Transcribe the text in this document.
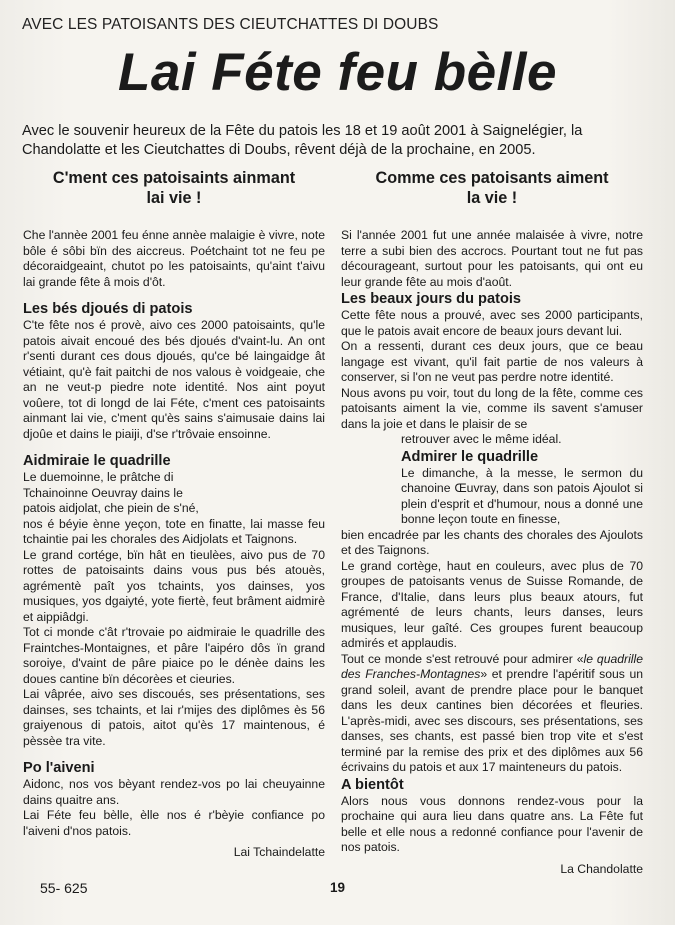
AVEC LES PATOISANTS DES CIEUTCHATTES DI DOUBS
Lai Féte feu bèlle

Avec le souvenir heureux de la Fête du patois les 18 et 19 août 2001 à Saignelégier, la Chandolatte et les Cieutchattes di Doubs, rêvent déjà de la prochaine, en 2005.

C'ment ces patoisaints ainmant
lai vie !

Che l'annèe 2001 feu énne annèe malaigie è vivre, note bôle é sôbi bïn des aiccreus. Poétchaint tot ne feu pe décoraidgeaint, chutot po les patoisaints, qu'aint t'aivu lai grande fête â mois d'ôt.

Les bés djoués di patois

C'te fête nos é provè, aivo ces 2000 patoisaints, qu'le patois aivait encoué des bés djoués d'vaint-lu. An ont r'senti durant ces dous djoués, qu'ce bé laingaidge ât vétiaint, qu'è fait paitchi de nos valous è voidgeaie, che an ne veut-p piedre note identité. Nos aint poyut voûere, tot di longd de lai Féte, c'ment ces patoisaints ainmant lai vie, c'ment qu'ès sains s'aimusaie dains lai djoûe et dains le piaiji, d'se r'trôvaie ensoinne.

Aidmiraie le quadrille

Le duemoinne, le prâtche di

Tchainoinne Oeuvray dains le

patois aidjolat, che piein de s'né,

nos é béyie ènne yeçon, tote en finatte, lai masse feu tchaintie pai les chorales des Aidjolats et Taignons.

Le grand cortége, bïn hât en tieulèes, aivo pus de 70 rottes de patoisaints dains vous pus bés atouès, agrémentè paît yos tchaints, yos dainses, yos musiques, yos dgaiyté, yote fiertè, feut brâment aidmirè et aippiâdgi.

Tot ci monde c'ât r'trovaie po aidmiraie le quadrille des Fraintches-Montaignes, et pâre l'aipéro dôs ïn grand soroiye, d'vaint de pâre piaice po le dénèe dains les doues cantine bïn décorèes et cieuries.

Lai vâprée, aivo ses discoués, ses présentations, ses dainses, ses tchaints, et lai r'mijes des diplômes ès 56 graiyenous di patois, aitot qu'ès 17 maintenous, é pèssèe tra vite.

Po l'aiveni

Aidonc, nos vos bèyant rendez-vos po lai cheuyainne dains quaitre ans.

Lai Féte feu bèlle, èlle nos é r'bèyie confiance po l'aiveni d'nos patois.

Lai Tchaindelatte

Comme ces patoisants aiment
la vie !

Si l'année 2001 fut une année malaisée à vivre, notre terre a subi bien des accrocs. Pourtant tout ne fut pas décourageant, surtout pour les patoisants, qui ont eu leur grande fête au mois d'août.

Les beaux jours du patois

Cette fête nous a prouvé, avec ses 2000 participants, que le patois avait encore de beaux jours devant lui.

On a ressenti, durant ces deux jours, que ce beau langage est vivant, qu'il fait partie de nos valeurs à conserver, si l'on ne veut pas perdre notre identité.

Nous avons pu voir, tout du long de la fête, comme ces patoisants aiment la vie, comme ils savent s'amuser dans la joie et dans le plaisir de se

retrouver avec le même idéal.

Admirer le quadrille

Le dimanche, à la messe, le sermon du chanoine Œuvray, dans son patois Ajoulot si plein d'esprit et d'humour, nous a donné une bonne leçon toute en finesse,

bien encadrée par les chants des chorales des Ajoulots et des Taignons.

Le grand cortège, haut en couleurs, avec plus de 70 groupes de patoisants venus de Suisse Romande, de France, d'Italie, dans leurs plus beaux atours, fut agrémenté de leurs chants, leurs danses, leurs musiques, leur gaîté. Ces groupes furent beaucoup admirés et applaudis.

Tout ce monde s'est retrouvé pour admirer «le quadrille des Franches-Montagnes» et prendre l'apéritif sous un grand soleil, avant de prendre place pour le banquet dans les deux cantines bien décorées et fleuries. L'après-midi, avec ses discours, ses présentations, ses danses, ses chants, est passé bien trop vite et s'est terminé par la remise des prix et des diplômes aux 56 écrivains du patois et aux 17 mainteneurs du patois.

A bientôt

Alors nous vous donnons rendez-vous pour la prochaine qui aura lieu dans quatre ans. La Fête fut belle et elle nous a redonné confiance pour l'avenir de nos patois.

La Chandolatte

55- 625	19
